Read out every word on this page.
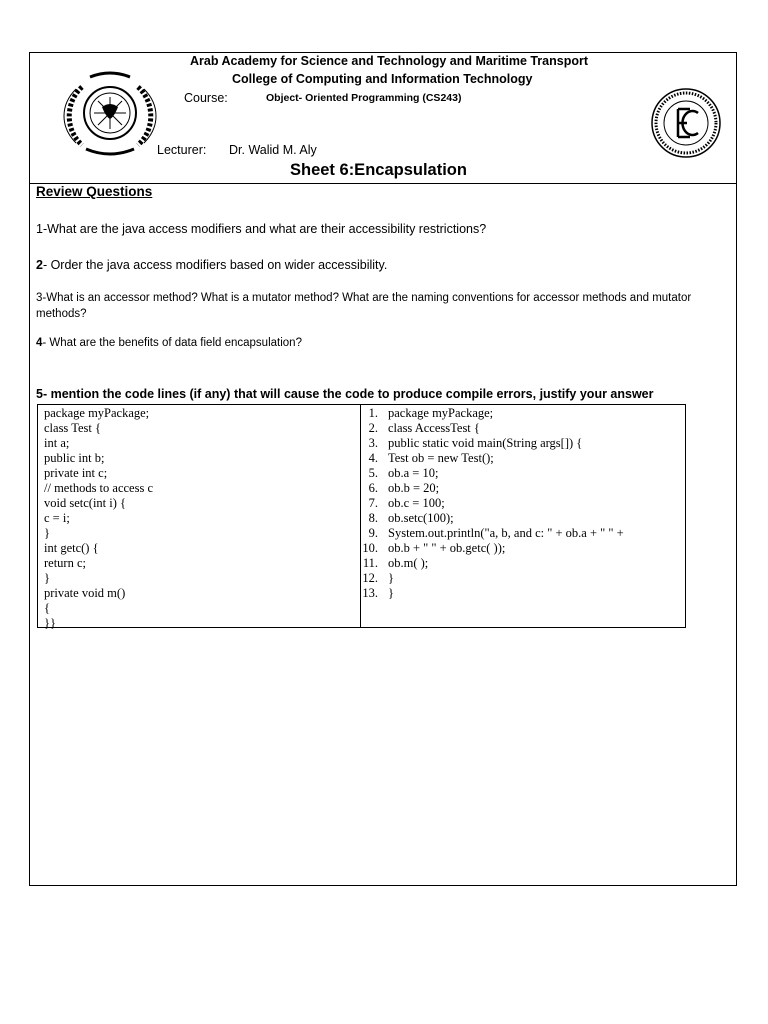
Arab Academy for Science and Technology and Maritime Transport
College of Computing and Information Technology
Course:	Object- Oriented Programming (CS243)
Lecturer: Dr. Walid M. Aly
Sheet 6:Encapsulation
Review Questions
1-What are the java access modifiers and what are their accessibility restrictions?
2- Order the java access modifiers based on wider accessibility.
3-What is an accessor method? What is a mutator method? What are the naming conventions for accessor methods and mutator methods?
4- What are the benefits of data field encapsulation?
5- mention the code lines (if any) that will cause the code to produce compile errors, justify your answer
package myPackage;
class Test {
int a;
public int b;
private int c;
// methods to access c
void setc(int i) {
c = i;
}
int getc() {
return c;
}
private void m()
{
}}
1. package myPackage;
2. class AccessTest {
3. public static void main(String args[]) {
4. Test ob = new Test();
5. ob.a = 10;
6. ob.b = 20;
7. ob.c = 100;
8. ob.setc(100);
9. System.out.println("a, b, and c: " + ob.a + " " +
10. ob.b + " " + ob.getc( ));
11. ob.m( );
12. }
13. }
